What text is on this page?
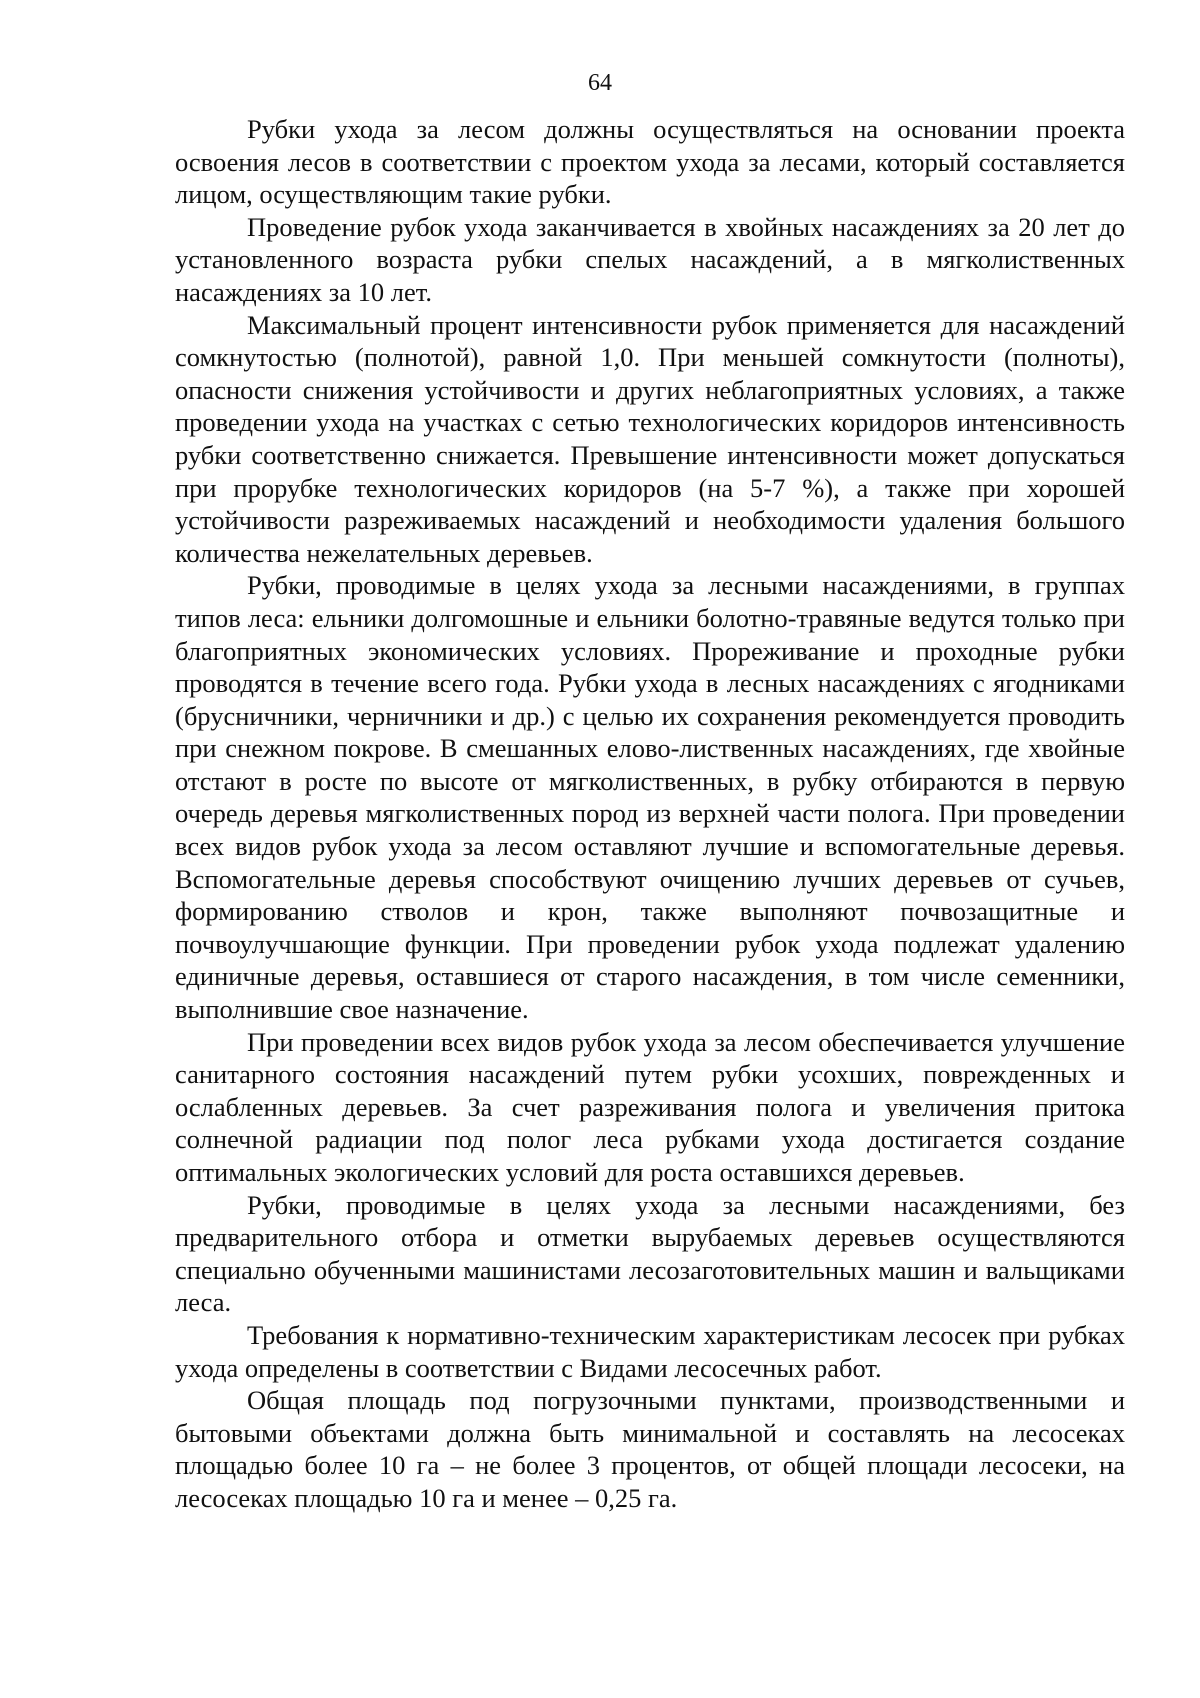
64

Рубки ухода за лесом должны осуществляться на основании проекта освоения лесов в соответствии с проектом ухода за лесами, который составляется лицом, осуществляющим такие рубки.

Проведение рубок ухода заканчивается в хвойных насаждениях за 20 лет до установленного возраста рубки спелых насаждений, а в мягколиственных насаждениях за 10 лет.

Максимальный процент интенсивности рубок применяется для насаждений сомкнутостью (полнотой), равной 1,0. При меньшей сомкнутости (полноты), опасности снижения устойчивости и других неблагоприятных условиях, а также проведении ухода на участках с сетью технологических коридоров интенсивность рубки соответственно снижается. Превышение интенсивности может допускаться при прорубке технологических коридоров (на 5-7 %), а также при хорошей устойчивости разреживаемых насаждений и необходимости удаления большого количества нежелательных деревьев.

Рубки, проводимые в целях ухода за лесными насаждениями, в группах типов леса: ельники долгомошные и ельники болотно-травяные ведутся только при благоприятных экономических условиях. Прореживание и проходные рубки проводятся в течение всего года. Рубки ухода в лесных насаждениях с ягодниками (брусничники, черничники и др.) с целью их сохранения рекомендуется проводить при снежном покрове. В смешанных елово-лиственных насаждениях, где хвойные отстают в росте по высоте от мягколиственных, в рубку отбираются в первую очередь деревья мягколиственных пород из верхней части полога. При проведении всех видов рубок ухода за лесом оставляют лучшие и вспомогательные деревья. Вспомогательные деревья способствуют очищению лучших деревьев от сучьев, формированию стволов и крон, также выполняют почвозащитные и почвоулучшающие функции. При проведении рубок ухода подлежат удалению единичные деревья, оставшиеся от старого насаждения, в том числе семенники, выполнившие свое назначение.

При проведении всех видов рубок ухода за лесом обеспечивается улучшение санитарного состояния насаждений путем рубки усохших, поврежденных и ослабленных деревьев. За счет разреживания полога и увеличения притока солнечной радиации под полог леса рубками ухода достигается создание оптимальных экологических условий для роста оставшихся деревьев.

Рубки, проводимые в целях ухода за лесными насаждениями, без предварительного отбора и отметки вырубаемых деревьев осуществляются специально обученными машинистами лесозаготовительных машин и вальщиками леса.

Требования к нормативно-техническим характеристикам лесосек при рубках ухода определены в соответствии с Видами лесосечных работ.

Общая площадь под погрузочными пунктами, производственными и бытовыми объектами должна быть минимальной и составлять на лесосеках площадью более 10 га – не более 3 процентов, от общей площади лесосеки, на лесосеках площадью 10 га и менее – 0,25 га.
